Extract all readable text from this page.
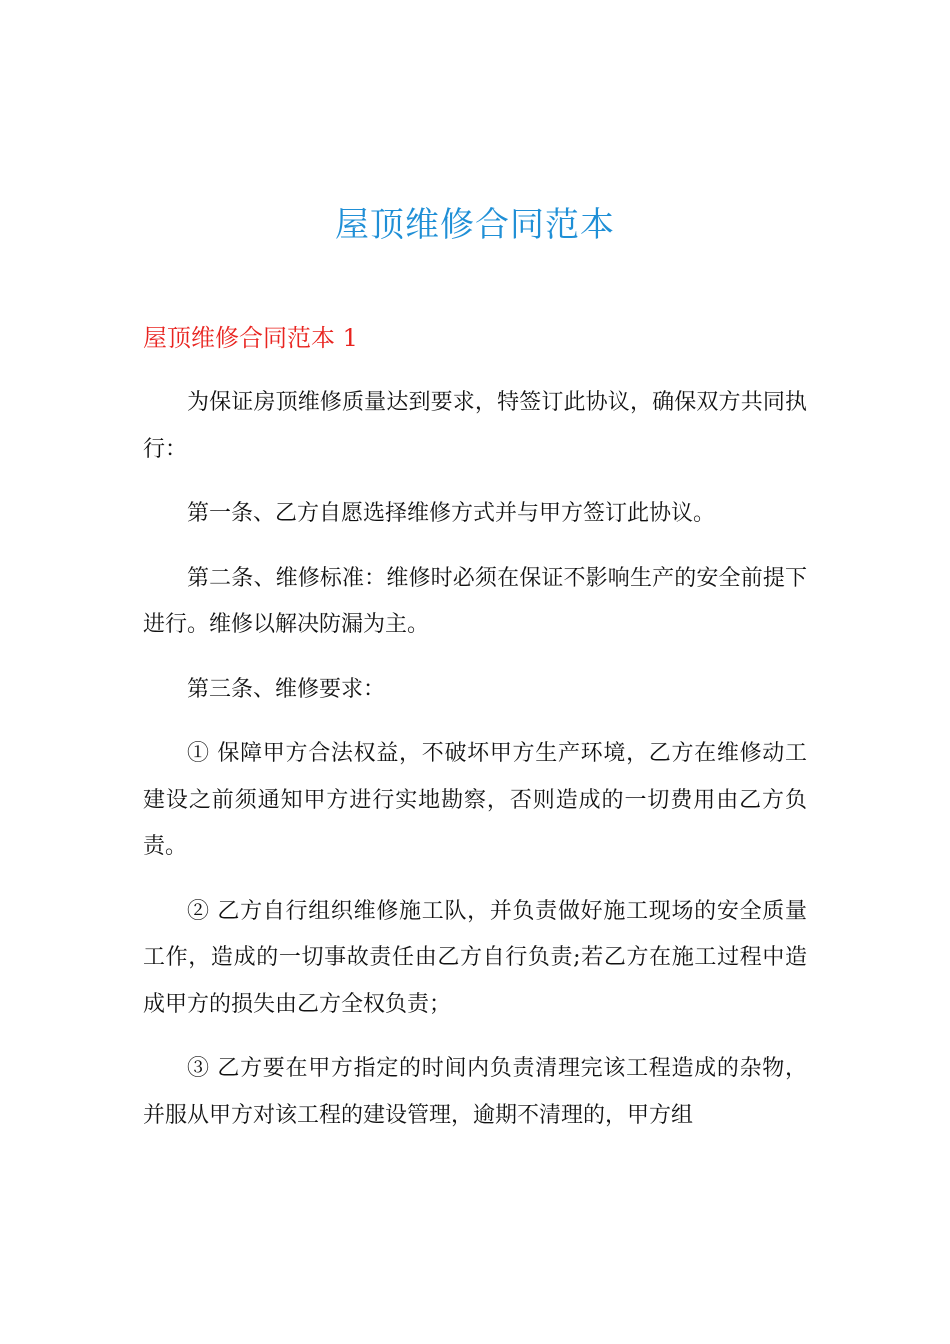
屋顶维修合同范本
屋顶维修合同范本 1

为保证房顶维修质量达到要求，特签订此协议，确保双方共同执行：

第一条、乙方自愿选择维修方式并与甲方签订此协议。

第二条、维修标准：维修时必须在保证不影响生产的安全前提下进行。维修以解决防漏为主。

第三条、维修要求：

① 保障甲方合法权益，不破坏甲方生产环境，乙方在维修动工建设之前须通知甲方进行实地勘察，否则造成的一切费用由乙方负责。

② 乙方自行组织维修施工队，并负责做好施工现场的安全质量工作，造成的一切事故责任由乙方自行负责;若乙方在施工过程中造成甲方的损失由乙方全权负责；

③ 乙方要在甲方指定的时间内负责清理完该工程造成的杂物，并服从甲方对该工程的建设管理，逾期不清理的，甲方组
